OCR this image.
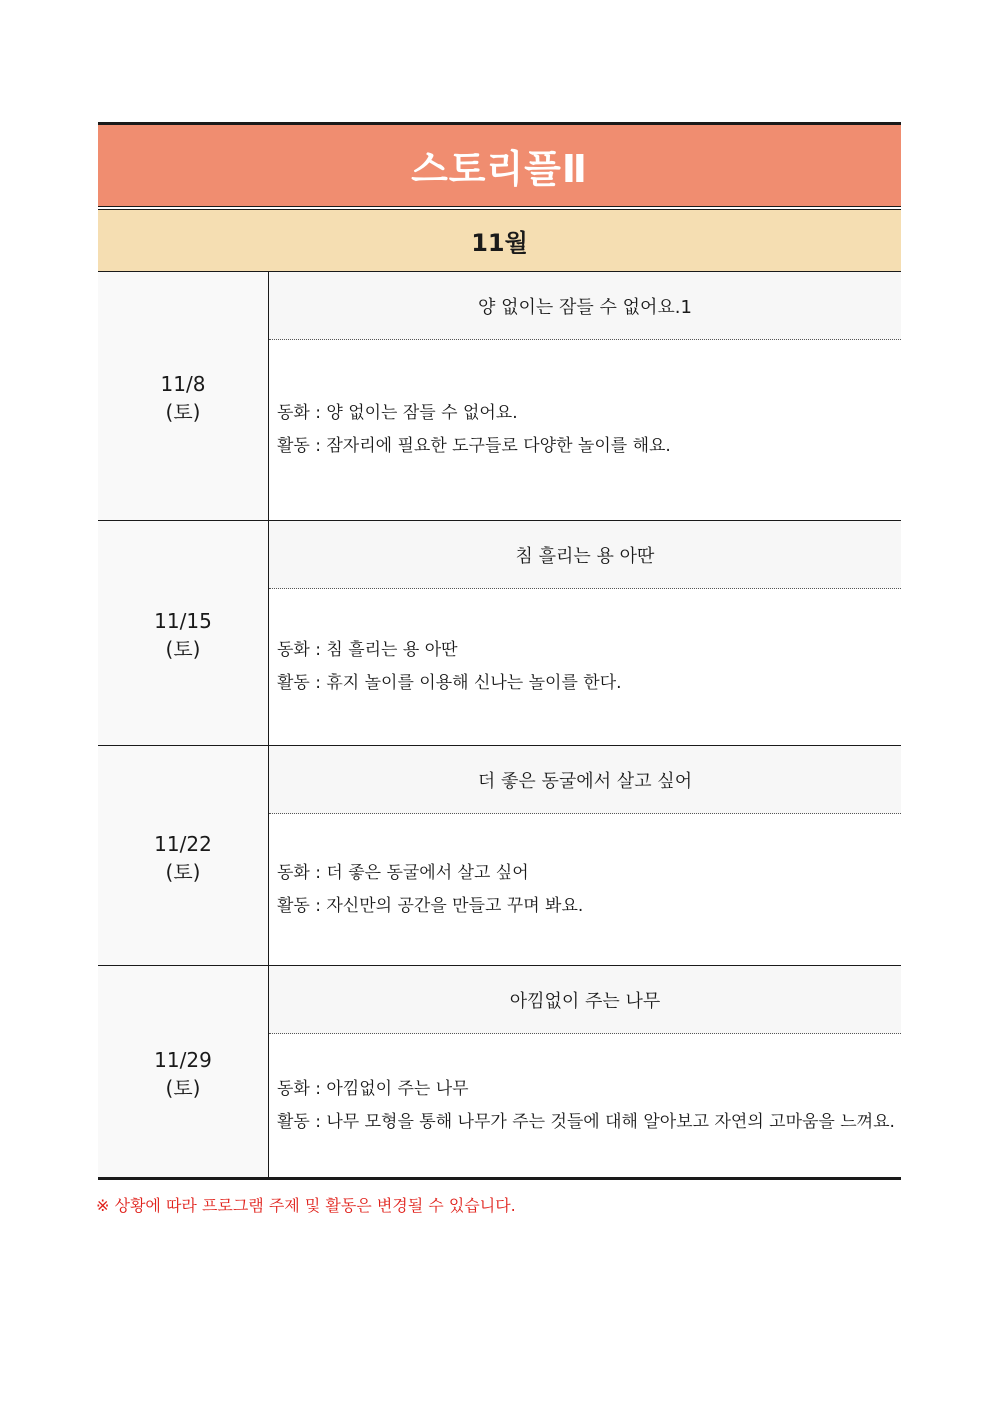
스토리플Ⅱ
11월
11/8
(토)
양 없이는 잠들 수 없어요.1
동화 : 양 없이는 잠들 수 없어요.
활동 : 잠자리에 필요한 도구들로 다양한 놀이를 해요.
11/15
(토)
침 흘리는 용 아딴
동화 : 침 흘리는 용 아딴
활동 : 휴지 놀이를 이용해 신나는 놀이를 한다.
11/22
(토)
더 좋은 동굴에서 살고 싶어
동화 : 더 좋은 동굴에서 살고 싶어
활동 : 자신만의 공간을 만들고 꾸며 봐요.
11/29
(토)
아낌없이 주는 나무
동화 : 아낌없이 주는 나무
활동 : 나무 모형을 통해 나무가 주는 것들에 대해 알아보고 자연의 고마움을 느껴요.
※ 상황에 따라 프로그램 주제 및 활동은 변경될 수 있습니다.
